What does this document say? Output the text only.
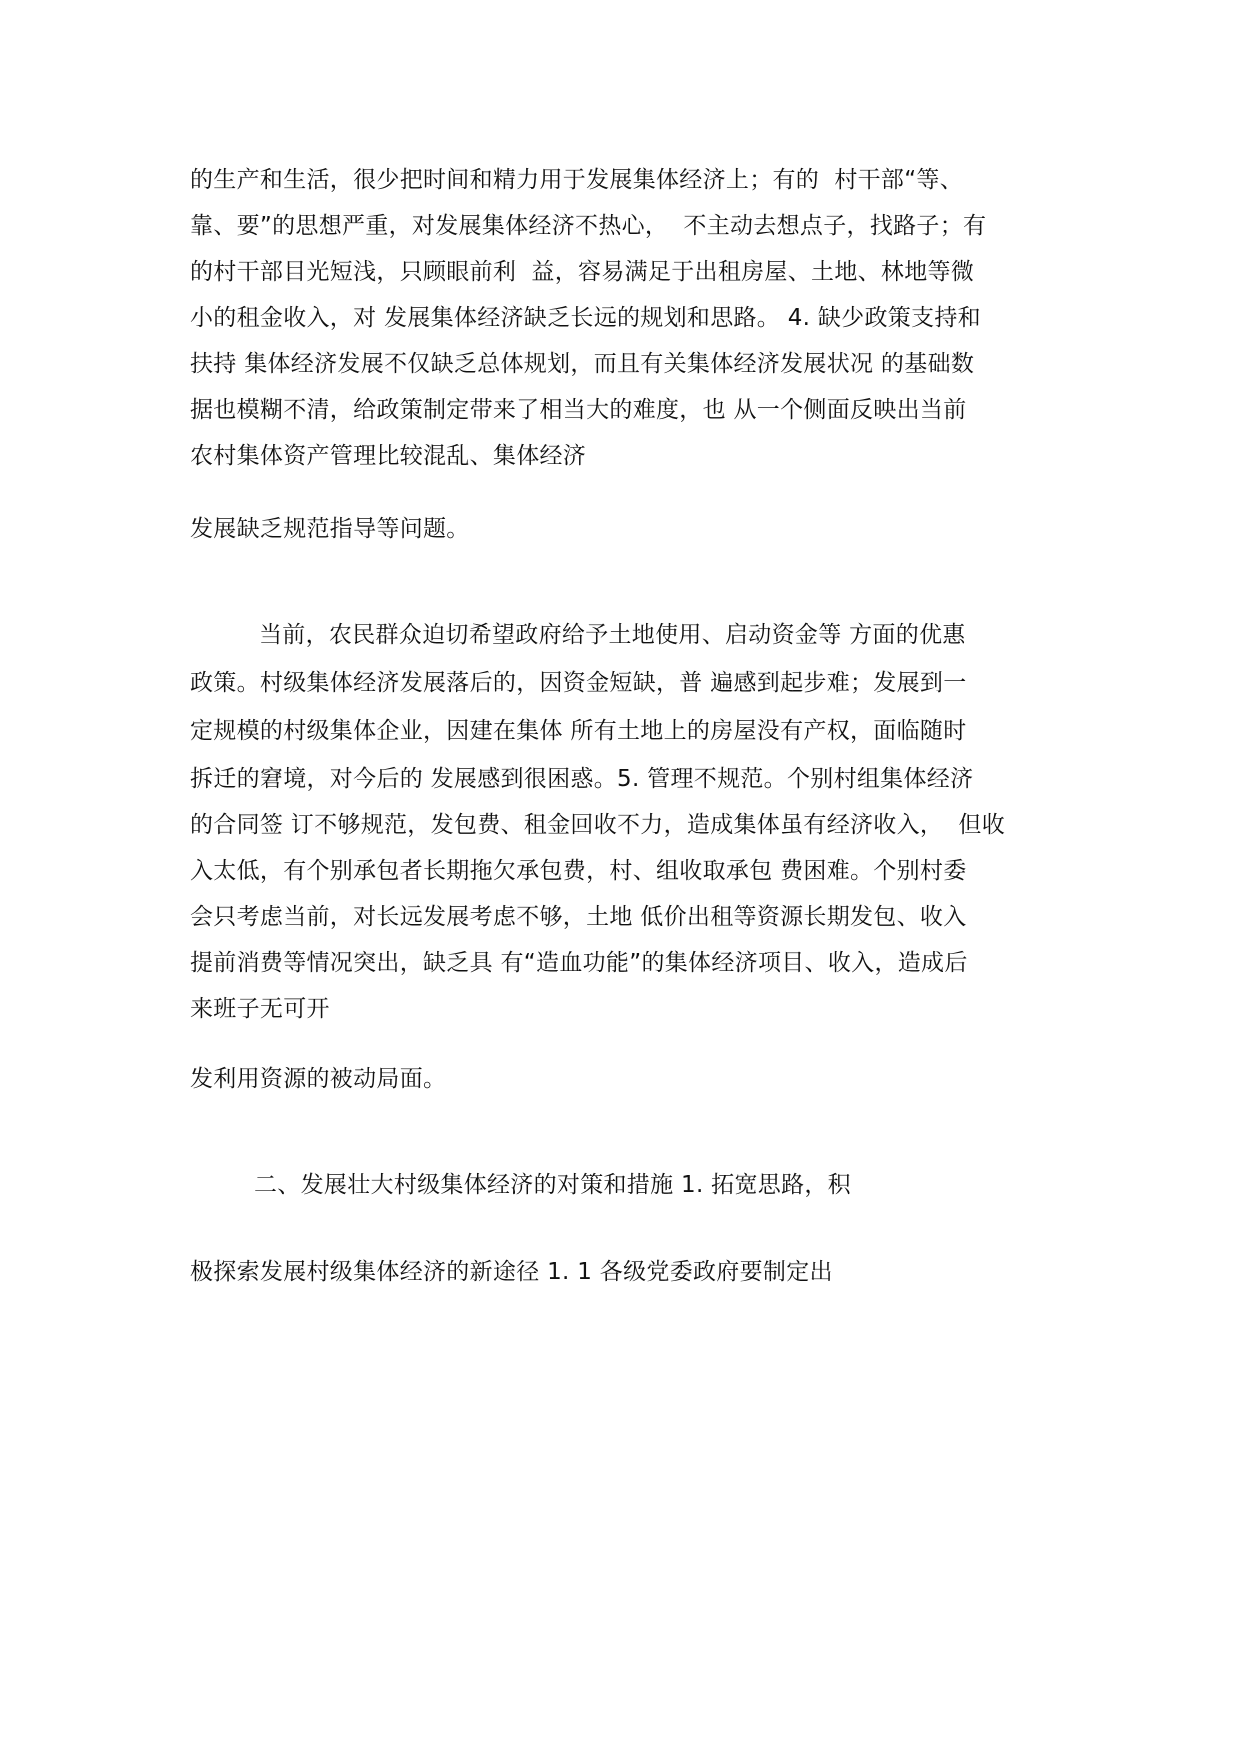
的生产和生活，很少把时间和精力用于发展集体经济上；有的  村干部“等、
靠、要”的思想严重，对发展集体经济不热心，  不主动去想点子，找路子；有
的村干部目光短浅，只顾眼前利  益，容易满足于出租房屋、土地、林地等微
小的租金收入，对 发展集体经济缺乏长远的规划和思路。 4. 缺少政策支持和
扶持 集体经济发展不仅缺乏总体规划，而且有关集体经济发展状况 的基础数
据也模糊不清，给政策制定带来了相当大的难度，也 从一个侧面反映出当前
农村集体资产管理比较混乱、集体经济
发展缺乏规范指导等问题。
当前，农民群众迫切希望政府给予土地使用、启动资金等 方面的优惠
政策。村级集体经济发展落后的，因资金短缺，普 遍感到起步难；发展到一
定规模的村级集体企业，因建在集体 所有土地上的房屋没有产权，面临随时
拆迁的窘境，对今后的 发展感到很困惑。5. 管理不规范。个别村组集体经济
的合同签 订不够规范，发包费、租金回收不力，造成集体虽有经济收入，  但收
入太低，有个别承包者长期拖欠承包费，村、组收取承包 费困难。个别村委
会只考虑当前，对长远发展考虑不够，土地 低价出租等资源长期发包、收入
提前消费等情况突出，缺乏具 有“造血功能”的集体经济项目、收入，造成后
来班子无可开
发利用资源的被动局面。
二、发展壮大村级集体经济的对策和措施 1. 拓宽思路，积
极探索发展村级集体经济的新途径 1. 1 各级党委政府要制定出
